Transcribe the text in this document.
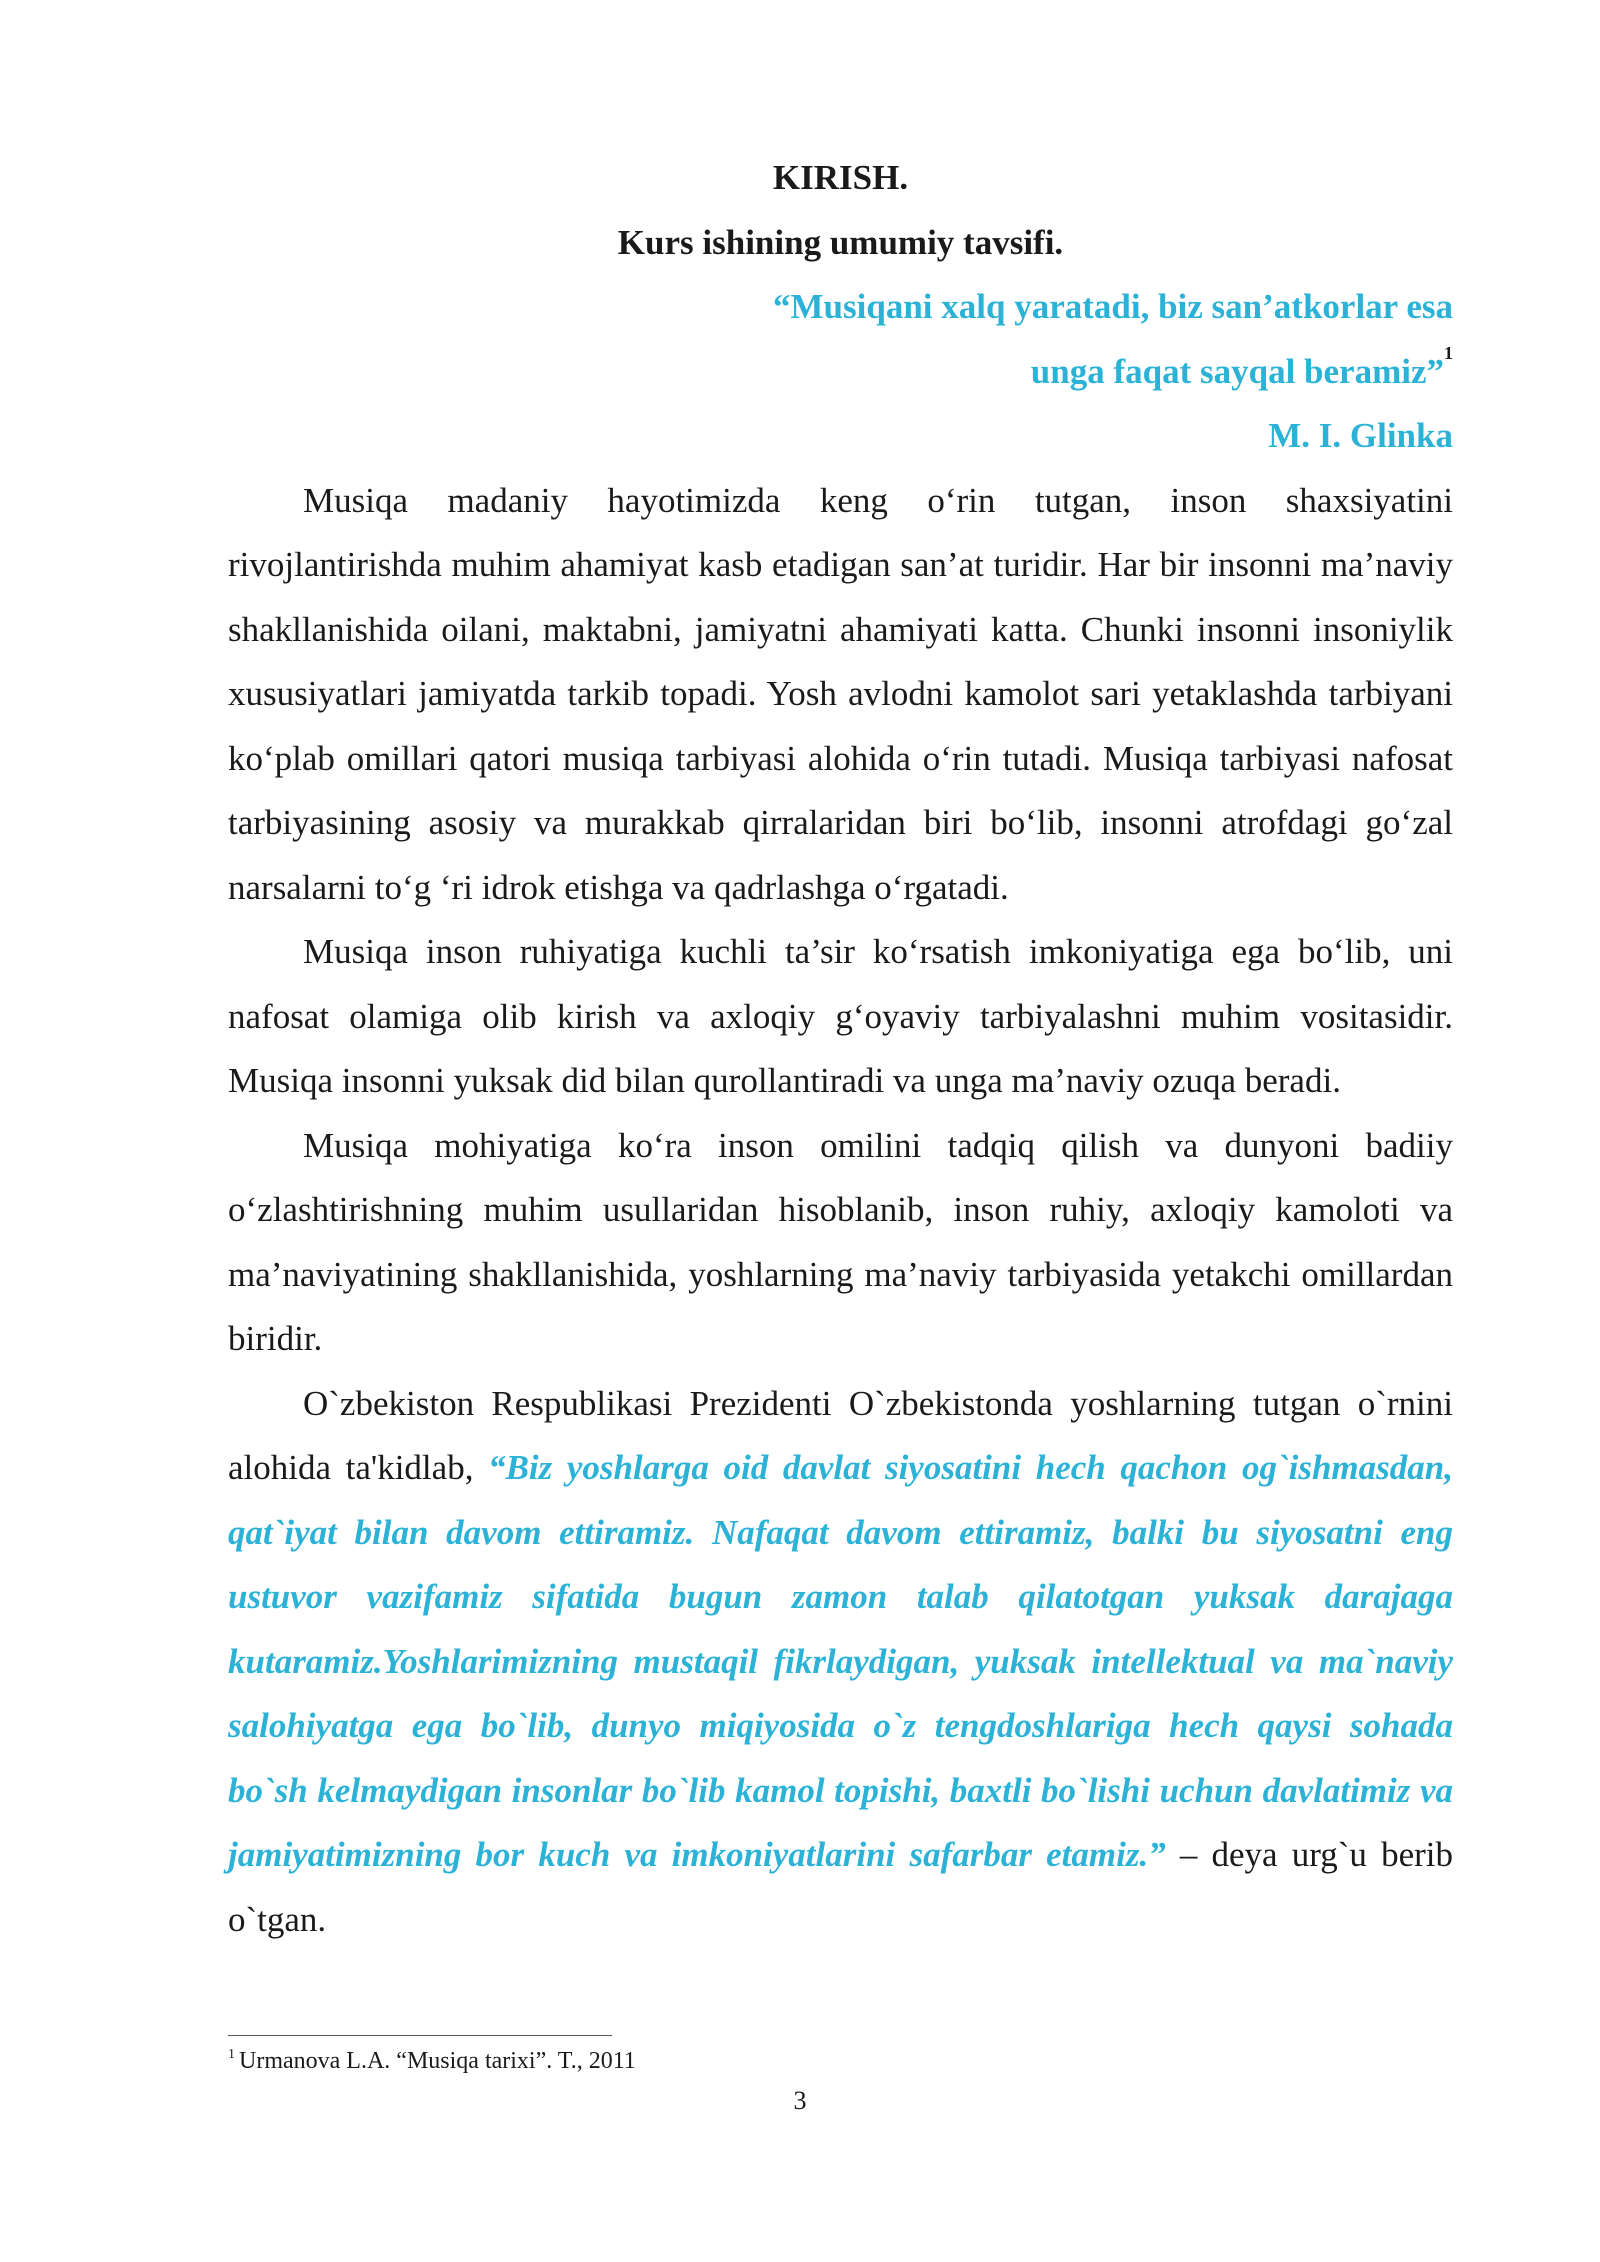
KIRISH.

Kurs ishining umumiy tavsifi.

“Musiqani xalq yaratadi, biz san’atkorlar esa

unga faqat sayqal beramiz”$^1$

M. I. Glinka

Musiqa madaniy hayotimizda keng o‘rin tutgan, inson shaxsiyatini rivojlantirishda muhim ahamiyat kasb etadigan san’at turidir. Har bir insonni ma’naviy shakllanishida oilani, maktabni, jamiyatni ahamiyati katta. Chunki insonni insoniylik xususiyatlari jamiyatda tarkib topadi. Yosh avlodni kamolot sari yetaklashda tarbiyani ko‘plab omillari qatori musiqa tarbiyasi alohida o‘rin tutadi. Musiqa tarbiyasi nafosat tarbiyasining asosiy va murakkab qirralaridan biri bo‘lib, insonni atrofdagi go‘zal narsalarni to‘g ‘ri idrok etishga va qadrlashga o‘rgatadi.

Musiqa inson ruhiyatiga kuchli ta’sir ko‘rsatish imkoniyatiga ega bo‘lib, uni nafosat olamiga olib kirish va axloqiy g‘oyaviy tarbiyalashni muhim vositasidir. Musiqa insonni yuksak did bilan qurollantiradi va unga ma’naviy ozuqa beradi.

Musiqa mohiyatiga ko‘ra inson omilini tadqiq qilish va dunyoni badiiy o‘zlashtirishning muhim usullaridan hisoblanib, inson ruhiy, axloqiy kamoloti va ma’naviyatining shakllanishida, yoshlarning ma’naviy tarbiyasida yetakchi omillardan biridir.

O`zbekiston Respublikasi Prezidenti O`zbekistonda yoshlarning tutgan o`rnini alohida ta'kidlab, “Biz yoshlarga oid davlat siyosatini hech qachon og`ishmasdan, qat`iyat bilan davom ettiramiz. Nafaqat davom ettiramiz, balki bu siyosatni eng ustuvor vazifamiz sifatida bugun zamon talab qilatotgan yuksak darajaga kutaramiz.Yoshlarimizning mustaqil fikrlaydigan, yuksak intellektual va ma`naviy salohiyatga ega bo`lib, dunyo miqiyosida o`z tengdoshlariga hech qaysi sohada bo`sh kelmaydigan insonlar bo`lib kamol topishi, baxtli bo`lishi uchun davlatimiz va jamiyatimizning bor kuch va imkoniyatlarini safarbar etamiz.” – deya urg`u berib o`tgan.

$^1$ Urmanova L.A. “Musiqa tarixi”. T., 2011
3
